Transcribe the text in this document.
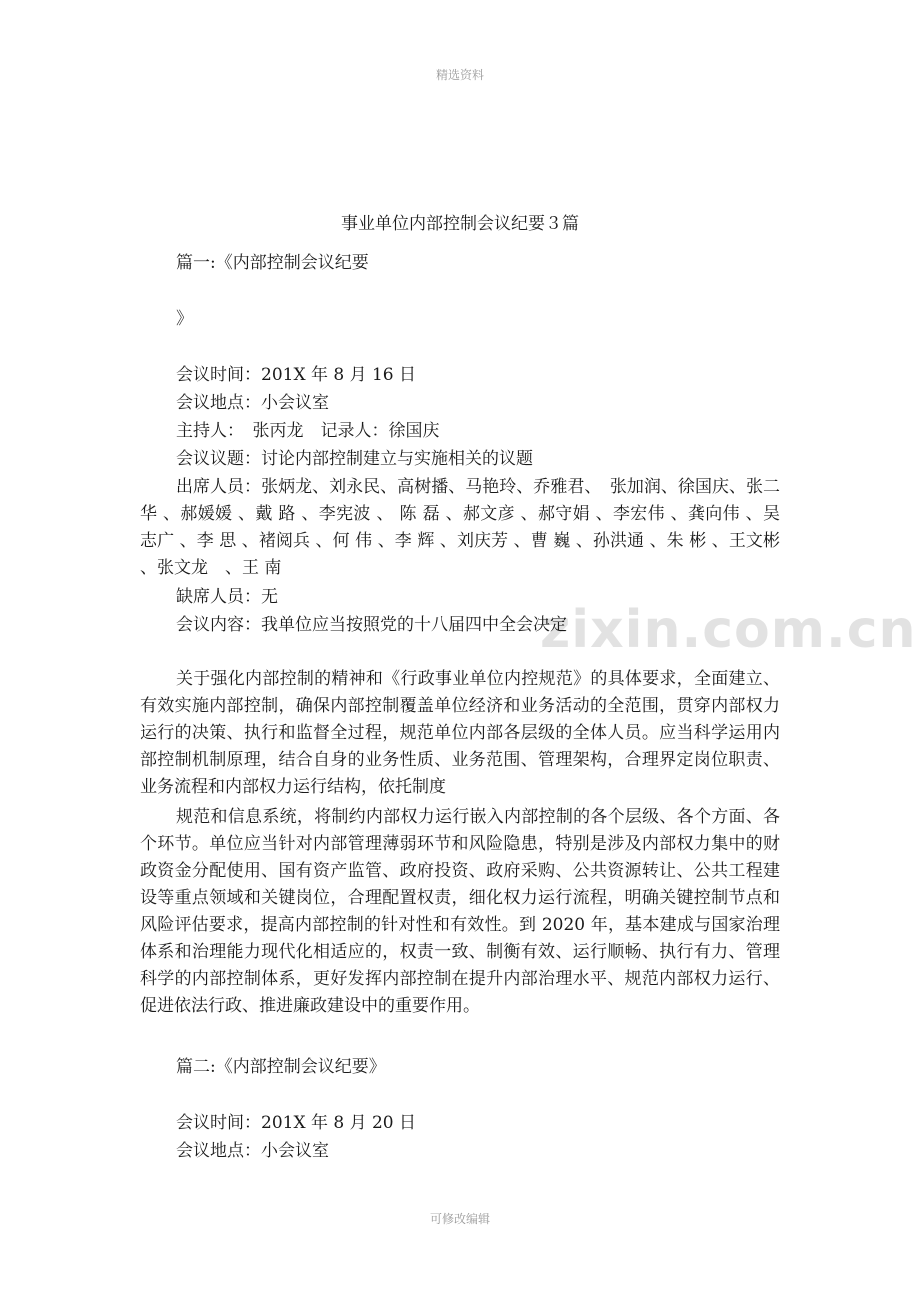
精选资料
zixin.com.cn
事业单位内部控制会议纪要３篇
篇一:《内部控制会议纪要
》
会议时间：201X 年 8 月 16 日
会议地点：小会议室
主持人：　张丙龙　记录人：徐国庆
会议议题：讨论内部控制建立与实施相关的议题
出席人员：张炳龙、刘永民、高树播、马艳玲、乔雅君、　张加润、徐国庆、张二华 、郝媛媛 、戴 路 、李宪波 、 陈 磊 、郝文彦 、郝守娟 、李宏伟 、龚向伟 、吴志广 、李 思 、褚阅兵 、何 伟 、李 辉 、刘庆芳 、曹 巍 、孙洪通 、朱 彬 、王文彬 、张文龙　、王 南
缺席人员：无
会议内容：我单位应当按照党的十八届四中全会决定
关于强化内部控制的精神和《行政事业单位内控规范》的具体要求，全面建立、有效实施内部控制，确保内部控制覆盖单位经济和业务活动的全范围，贯穿内部权力运行的决策、执行和监督全过程，规范单位内部各层级的全体人员。应当科学运用内部控制机制原理，结合自身的业务性质、业务范围、管理架构，合理界定岗位职责、业务流程和内部权力运行结构，依托制度
规范和信息系统，将制约内部权力运行嵌入内部控制的各个层级、各个方面、各个环节。单位应当针对内部管理薄弱环节和风险隐患，特别是涉及内部权力集中的财政资金分配使用、国有资产监管、政府投资、政府采购、公共资源转让、公共工程建设等重点领域和关键岗位，合理配置权责，细化权力运行流程，明确关键控制节点和风险评估要求，提高内部控制的针对性和有效性。到 2020 年，基本建成与国家治理体系和治理能力现代化相适应的，权责一致、制衡有效、运行顺畅、执行有力、管理科学的内部控制体系，更好发挥内部控制在提升内部治理水平、规范内部权力运行、促进依法行政、推进廉政建设中的重要作用。
篇二:《内部控制会议纪要》
会议时间：201X 年 8 月 20 日
会议地点：小会议室
可修改编辑
